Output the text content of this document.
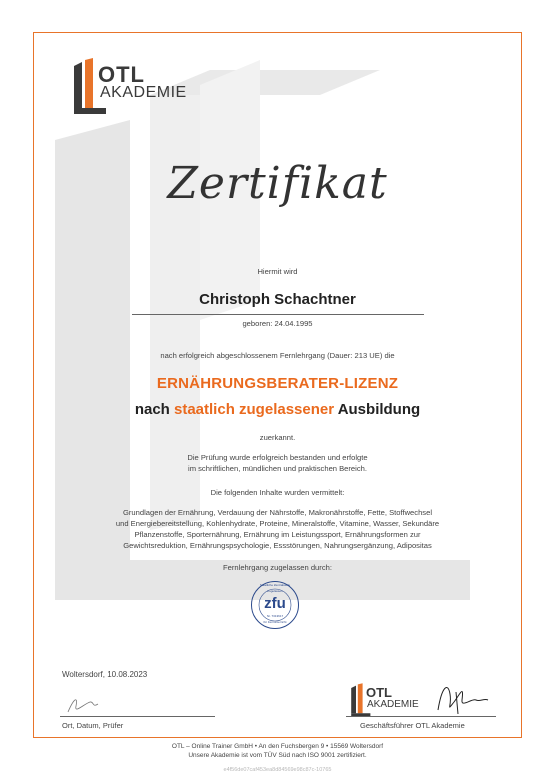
OTL
AKADEMIE
Zertifikat
Hiermit wird
Christoph Schachtner
geboren: 24.04.1995
nach erfolgreich abgeschlossenem Fernlehrgang (Dauer: 213 UE) die
ERNÄHRUNGSBERATER-LIZENZ
nach staatlich zugelassener Ausbildung
zuerkannt.
Die Prüfung wurde erfolgreich bestanden und erfolgte
im schriftlichen, mündlichen und praktischen Bereich.
Die folgenden Inhalte wurden vermittelt:
Grundlagen der Ernährung, Verdauung der Nährstoffe, Makronährstoffe, Fette, Stoffwechsel
und Energiebereitstellung, Kohlenhydrate, Proteine, Mineralstoffe, Vitamine, Wasser, Sekundäre
Pflanzenstoffe, Sporternährung, Ernährung im Leistungssport, Ernährungsformen zur
Gewichtsreduktion, Ernährungspsychologie, Essstörungen, Nahrungsergänzung, Adipositas
Fernlehrgang zugelassen durch:
Staatliche Zentralstelle
Zugelassen
zfu
Nr. 7313617
für Fernunterricht
Woltersdorf, 10.08.2023
Ort, Datum, Prüfer
OTL
AKADEMIE
Geschäftsführer OTL Akademie
OTL – Online Trainer GmbH • An den Fuchsbergen 9 • 15569 Woltersdorf
Unsere Akademie ist vom TÜV Süd nach ISO 9001 zertifiziert.
e4f56de07caf453ea8d84569e98c87c-10765
